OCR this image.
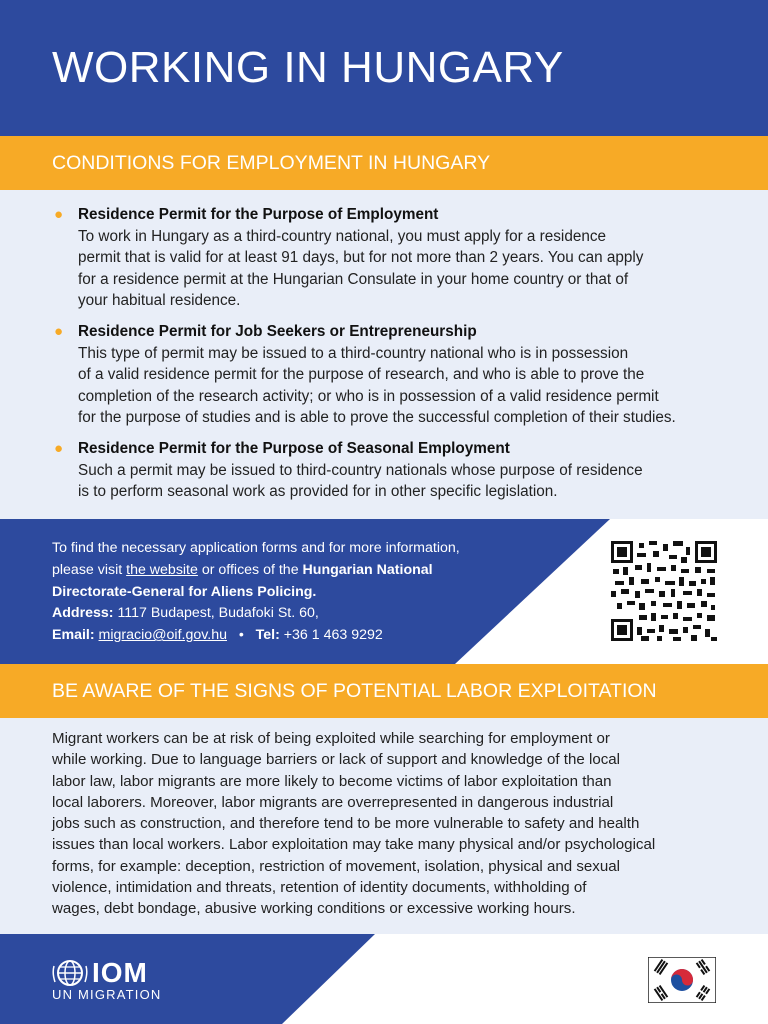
WORKING IN HUNGARY
CONDITIONS FOR EMPLOYMENT IN HUNGARY
● Residence Permit for the Purpose of Employment

To work in Hungary as a third-country national, you must apply for a residence

permit that is valid for at least 91 days, but for not more than 2 years. You can apply

for a residence permit at the Hungarian Consulate in your home country or that of

your habitual residence.

● Residence Permit for Job Seekers or Entrepreneurship

This type of permit may be issued to a third-country national who is in possession

of a valid residence permit for the purpose of research, and who is able to prove the

completion of the research activity; or who is in possession of a valid residence permit

for the purpose of studies and is able to prove the successful completion of their studies.

● Residence Permit for the Purpose of Seasonal Employment

Such a permit may be issued to third-country nationals whose purpose of residence

is to perform seasonal work as provided for in other specific legislation.

To find the necessary application forms and for more information,
please visit the website or offices of the Hungarian National
Directorate-General for Aliens Policing.
Address: 1117 Budapest, Budafoki St. 60,
Email: migracio@oif.gov.hu • Tel: +36 1 463 9292
BE AWARE OF THE SIGNS OF POTENTIAL LABOR EXPLOITATION
Migrant workers can be at risk of being exploited while searching for employment or
while working. Due to language barriers or lack of support and knowledge of the local
labor law, labor migrants are more likely to become victims of labor exploitation than
local laborers. Moreover, labor migrants are overrepresented in dangerous industrial
jobs such as construction, and therefore tend to be more vulnerable to safety and health
issues than local workers. Labor exploitation may take many physical and/or psychological
forms, for example: deception, restriction of movement, isolation, physical and sexual
violence, intimidation and threats, retention of identity documents, withholding of
wages, debt bondage, abusive working conditions or excessive working hours.
IOM
UN MIGRATION
